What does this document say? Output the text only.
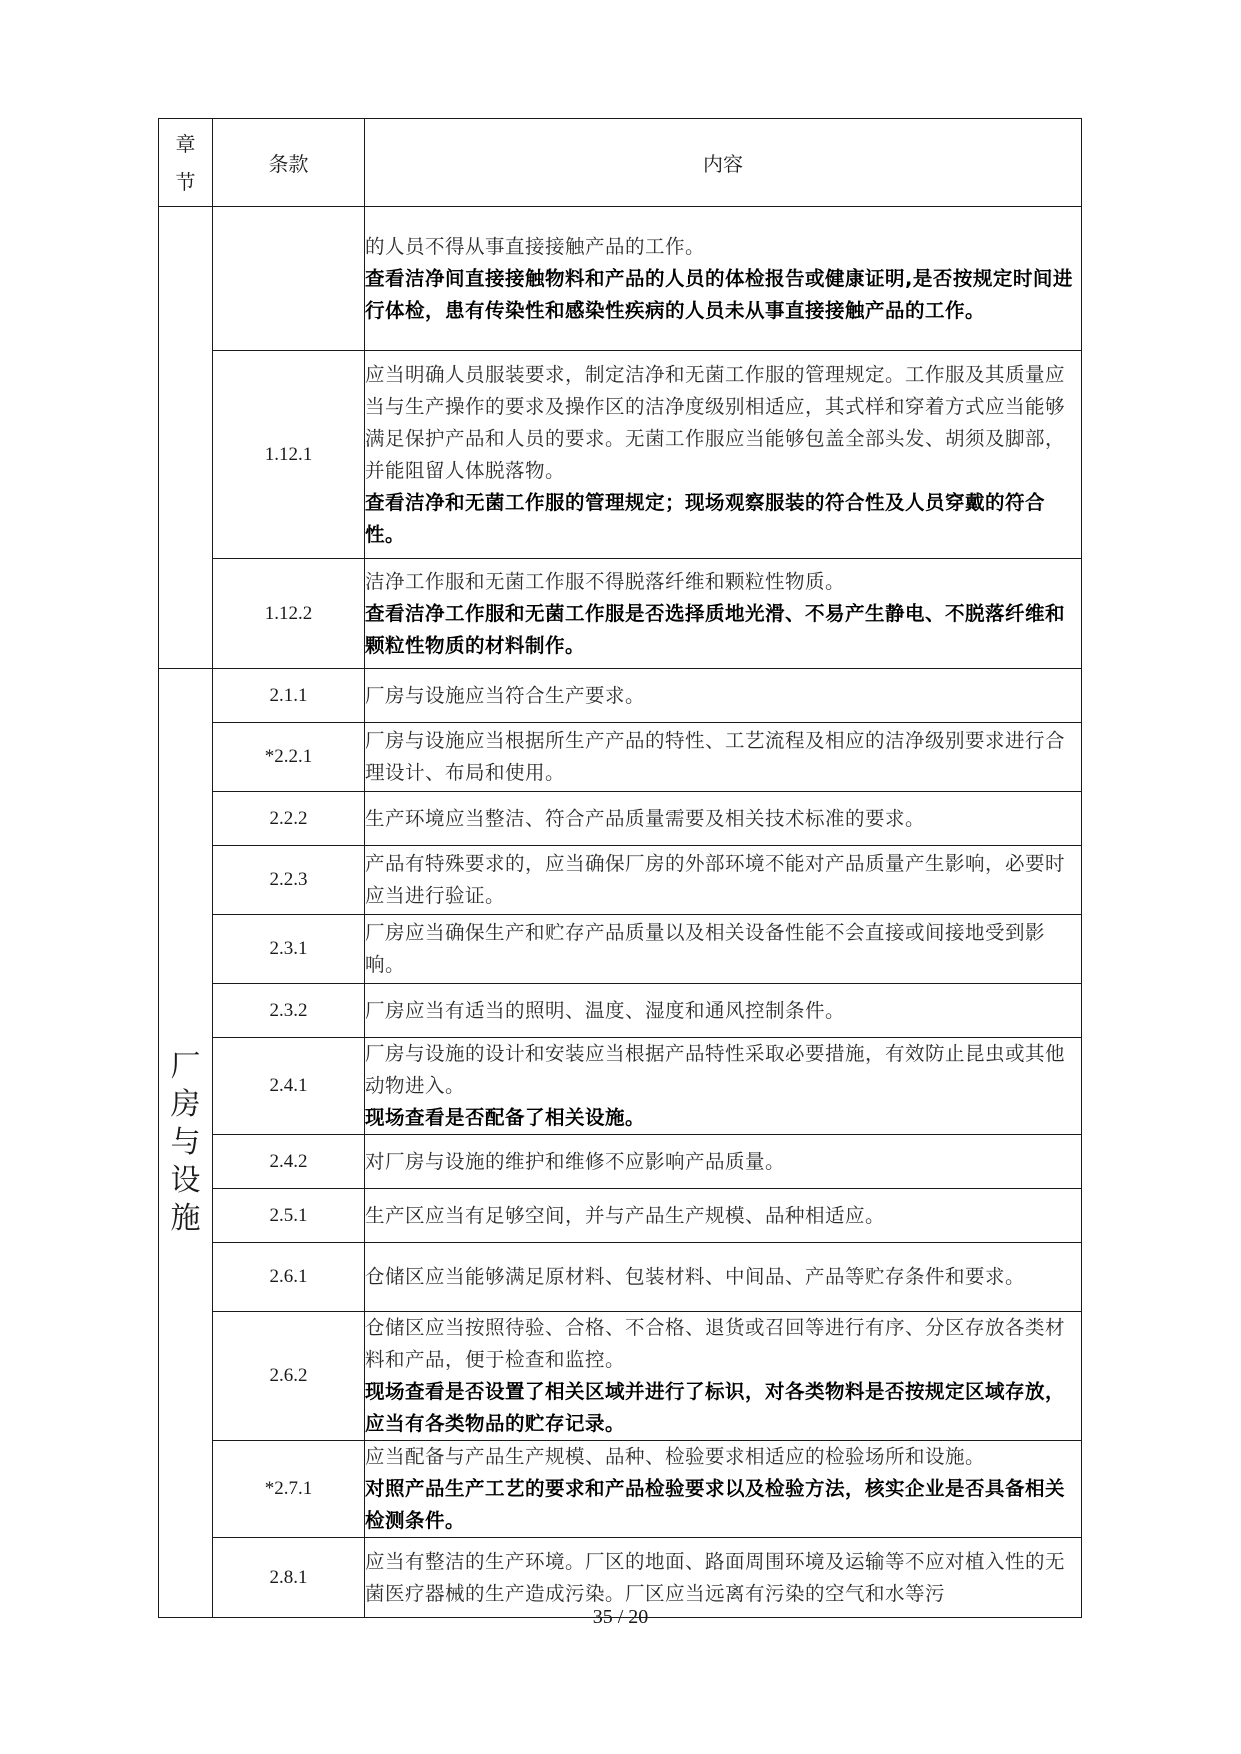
章
节	条款	内容

		的人员不得从事直接接触产品的工作。
查看洁净间直接接触物料和产品的人员的体检报告或健康证明,是否按规定时间进行体检，患有传染性和感染性疾病的人员未从事直接接触产品的工作。

	1.12.1	应当明确人员服装要求，制定洁净和无菌工作服的管理规定。工作服及其质量应当与生产操作的要求及操作区的洁净度级别相适应，其式样和穿着方式应当能够满足保护产品和人员的要求。无菌工作服应当能够包盖全部头发、胡须及脚部，并能阻留人体脱落物。
查看洁净和无菌工作服的管理规定；现场观察服装的符合性及人员穿戴的符合性。

	1.12.2	洁净工作服和无菌工作服不得脱落纤维和颗粒性物质。
查看洁净工作服和无菌工作服是否选择质地光滑、不易产生静电、不脱落纤维和颗粒性物质的材料制作。

厂
房
与
设
施	2.1.1	厂房与设施应当符合生产要求。

	*2.2.1	厂房与设施应当根据所生产产品的特性、工艺流程及相应的洁净级别要求进行合理设计、布局和使用。

	2.2.2	生产环境应当整洁、符合产品质量需要及相关技术标准的要求。

	2.2.3	产品有特殊要求的，应当确保厂房的外部环境不能对产品质量产生影响，必要时应当进行验证。

	2.3.1	厂房应当确保生产和贮存产品质量以及相关设备性能不会直接或间接地受到影响。

	2.3.2	厂房应当有适当的照明、温度、湿度和通风控制条件。

	2.4.1	厂房与设施的设计和安装应当根据产品特性采取必要措施，有效防止昆虫或其他动物进入。
现场查看是否配备了相关设施。

	2.4.2	对厂房与设施的维护和维修不应影响产品质量。

	2.5.1	生产区应当有足够空间，并与产品生产规模、品种相适应。

	2.6.1	仓储区应当能够满足原材料、包装材料、中间品、产品等贮存条件和要求。

	2.6.2	仓储区应当按照待验、合格、不合格、退货或召回等进行有序、分区存放各类材料和产品，便于检查和监控。
现场查看是否设置了相关区域并进行了标识，对各类物料是否按规定区域存放，应当有各类物品的贮存记录。

	*2.7.1	应当配备与产品生产规模、品种、检验要求相适应的检验场所和设施。
对照产品生产工艺的要求和产品检验要求以及检验方法，核实企业是否具备相关检测条件。

	2.8.1	应当有整洁的生产环境。厂区的地面、路面周围环境及运输等不应对植入性的无菌医疗器械的生产造成污染。厂区应当远离有污染的空气和水等污
35 / 20
